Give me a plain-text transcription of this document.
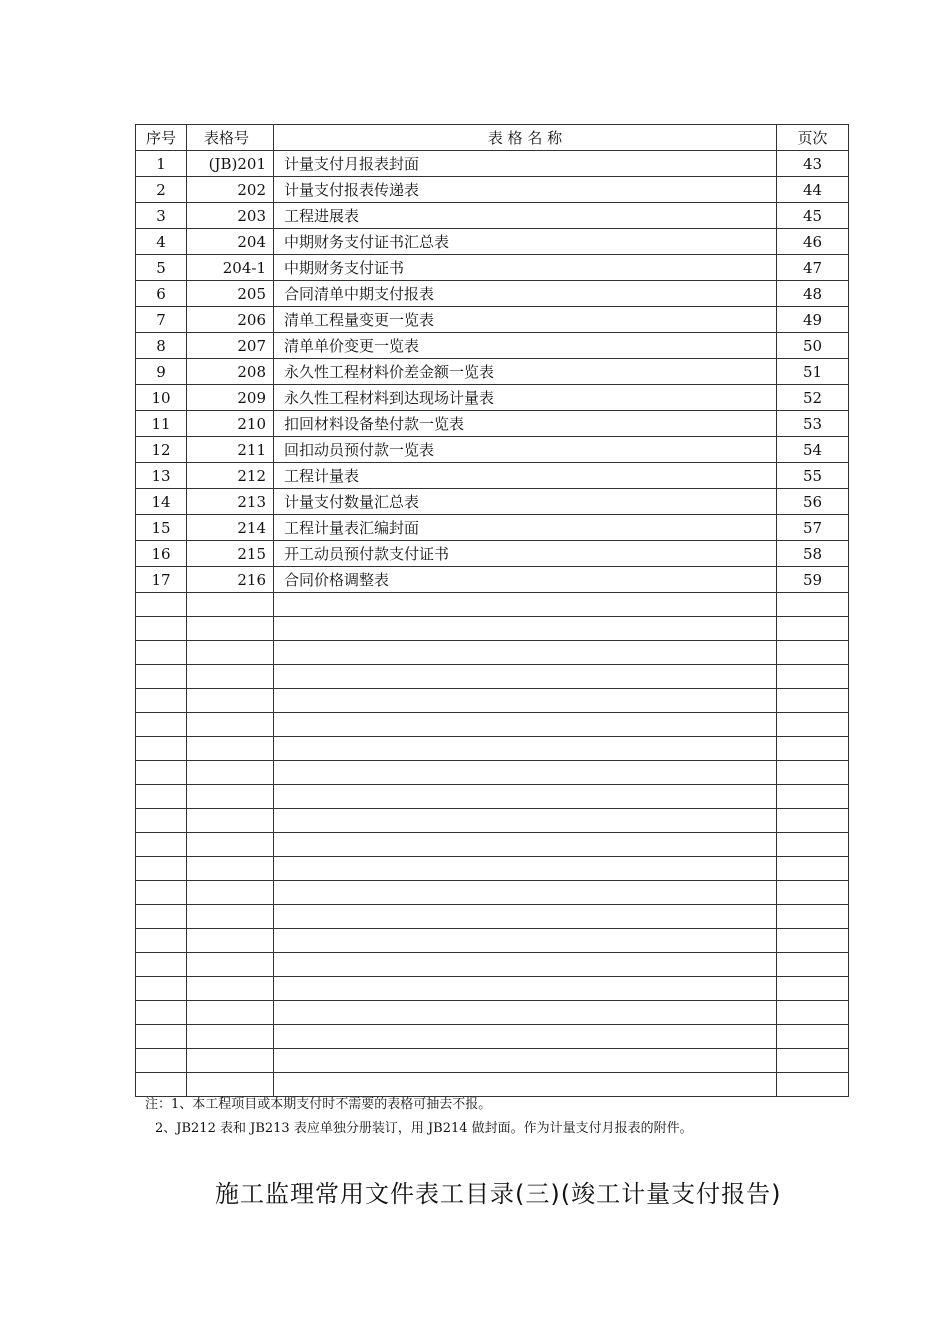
序号	表格号	表 格 名 称	页次
1	(JB)201	计量支付月报表封面	43
2	202	计量支付报表传递表	44
3	203	工程进展表	45
4	204	中期财务支付证书汇总表	46
5	204-1	中期财务支付证书	47
6	205	合同清单中期支付报表	48
7	206	清单工程量变更一览表	49
8	207	清单单价变更一览表	50
9	208	永久性工程材料价差金额一览表	51
10	209	永久性工程材料到达现场计量表	52
11	210	扣回材料设备垫付款一览表	53
12	211	回扣动员预付款一览表	54
13	212	工程计量表	55
14	213	计量支付数量汇总表	56
15	214	工程计量表汇编封面	57
16	215	开工动员预付款支付证书	58
17	216	合同价格调整表	59

注：1、本工程项目或本期支付时不需要的表格可抽去不报。
2、JB212 表和 JB213 表应单独分册装订，用 JB214 做封面。作为计量支付月报表的附件。
施工监理常用文件表工目录(三)(竣工计量支付报告)
